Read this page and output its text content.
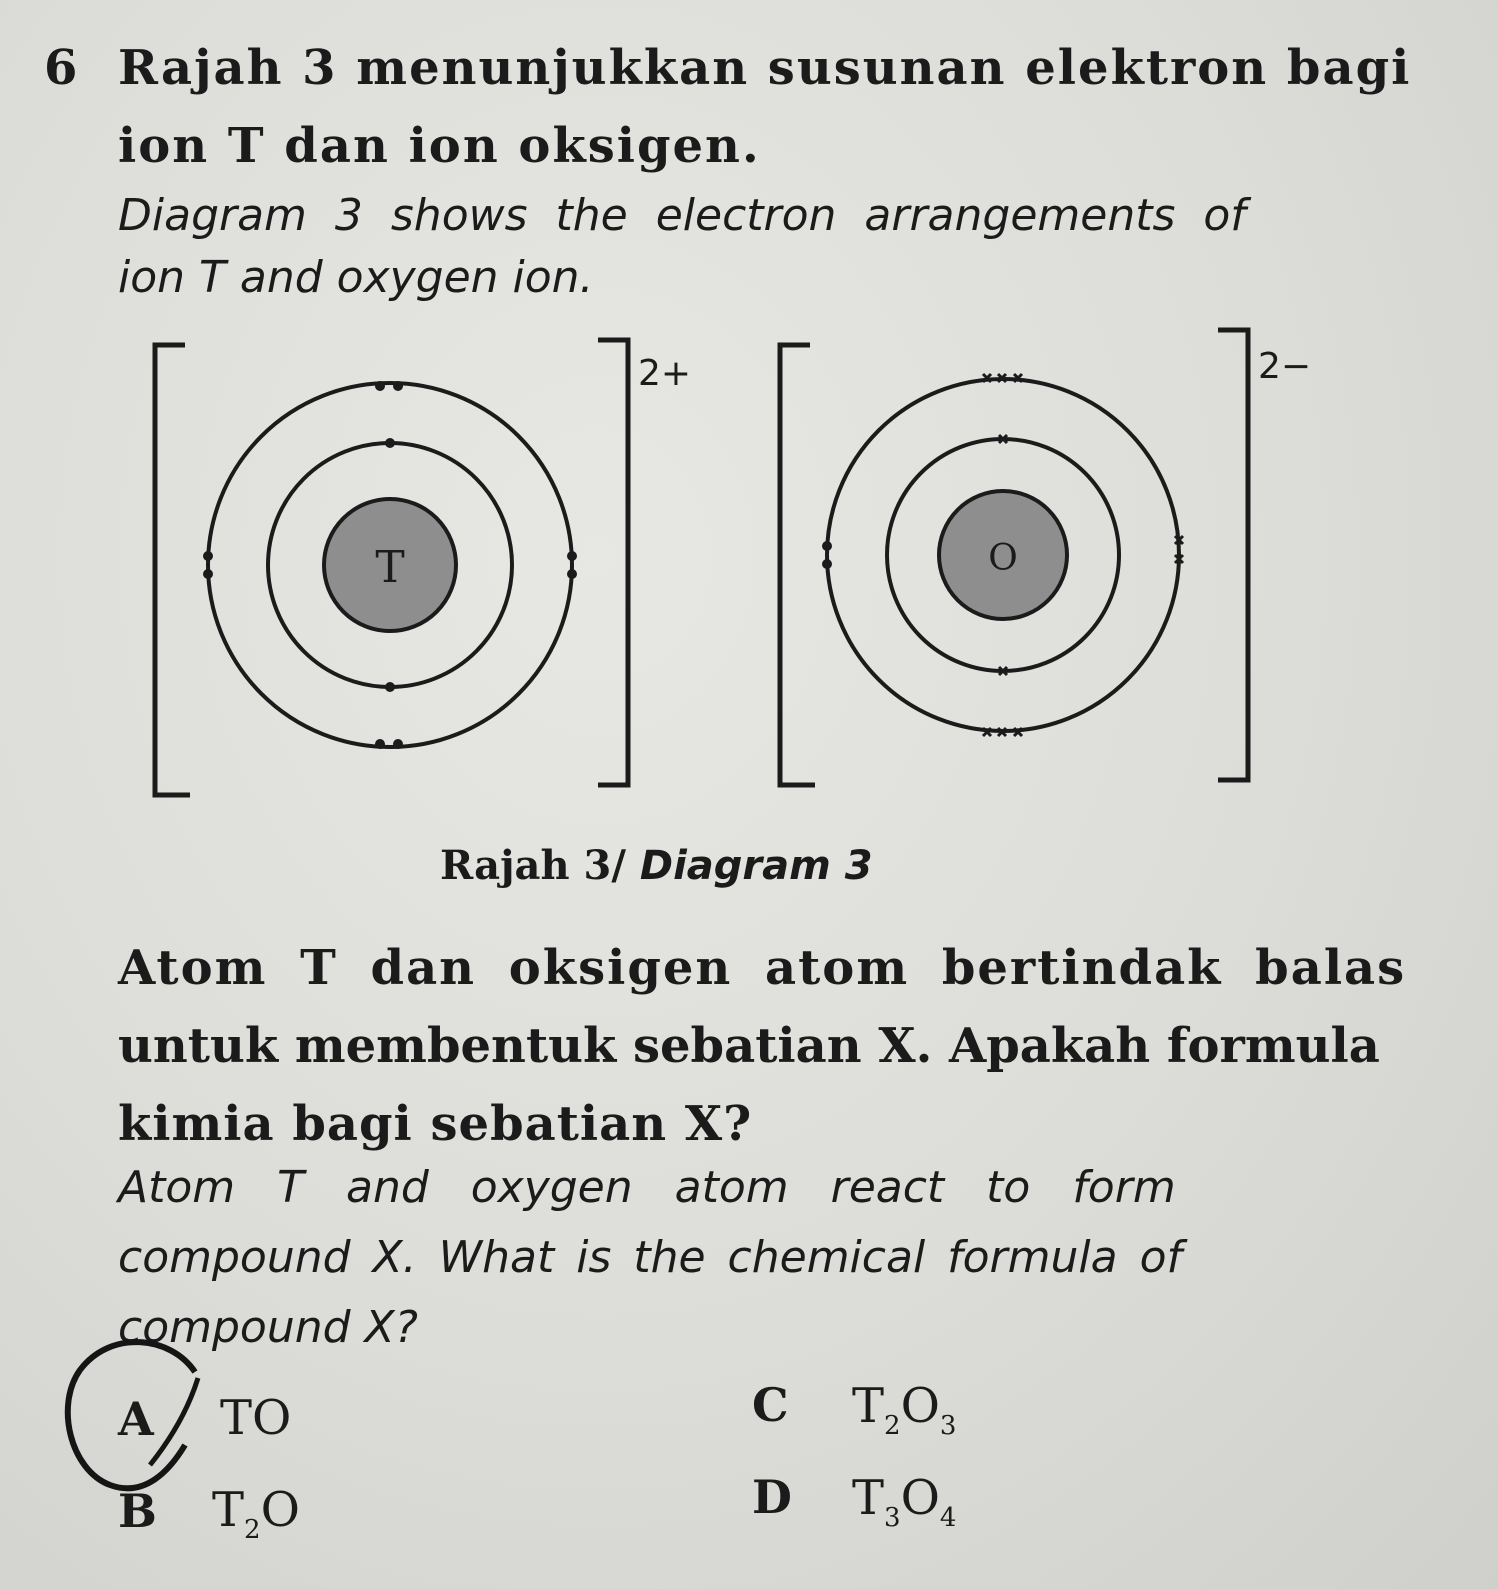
6 Rajah 3 menunjukkan susunan elektron bagi
ion T dan ion oksigen.
Diagram 3 shows the electron arrangements of
ion T and oxygen ion.
2+
T
2−
O
Rajah 3/ Diagram 3
Atom T dan oksigen atom bertindak balas
untuk membentuk sebatian X. Apakah formula
kimia bagi sebatian X?
Atom T and oxygen atom react to form
compound X. What is the chemical formula of
compound X?
A TO
B $T_2O$
C $T_2O_3$
D $T_3O_4$
